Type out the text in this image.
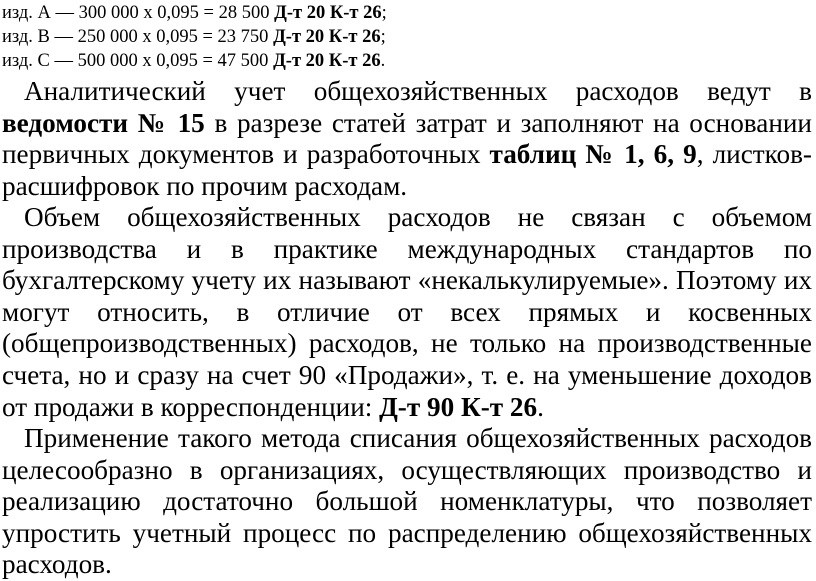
изд. А — 300 000 х 0,095 = 28 500 Д-т 20 К-т 26;
изд. В — 250 000 х 0,095 = 23 750 Д-т 20 К-т 26;
изд. С — 500 000 х 0,095 = 47 500 Д-т 20 К-т 26.

Аналитический учет общехозяйственных расходов ведут в ведомости № 15 в разрезе статей затрат и заполняют на основании первичных документов и разработочных таблиц № 1, 6, 9, листков-расшифровок по прочим расходам.

Объем общехозяйственных расходов не связан с объемом производства и в практике международных стандартов по бухгалтерскому учету их называют «некалькулируемые». Поэтому их могут относить, в отличие от всех прямых и косвенных (общепроизводственных) расходов, не только на производственные счета, но и сразу на счет 90 «Продажи», т. е. на уменьшение доходов от продажи в корреспонденции: Д-т 90 К-т 26.

Применение такого метода списания общехозяйственных расходов целесообразно в организациях, осуществляющих производство и реализацию достаточно большой номенклатуры, что позволяет упростить учетный процесс по распределению общехозяйственных расходов.
